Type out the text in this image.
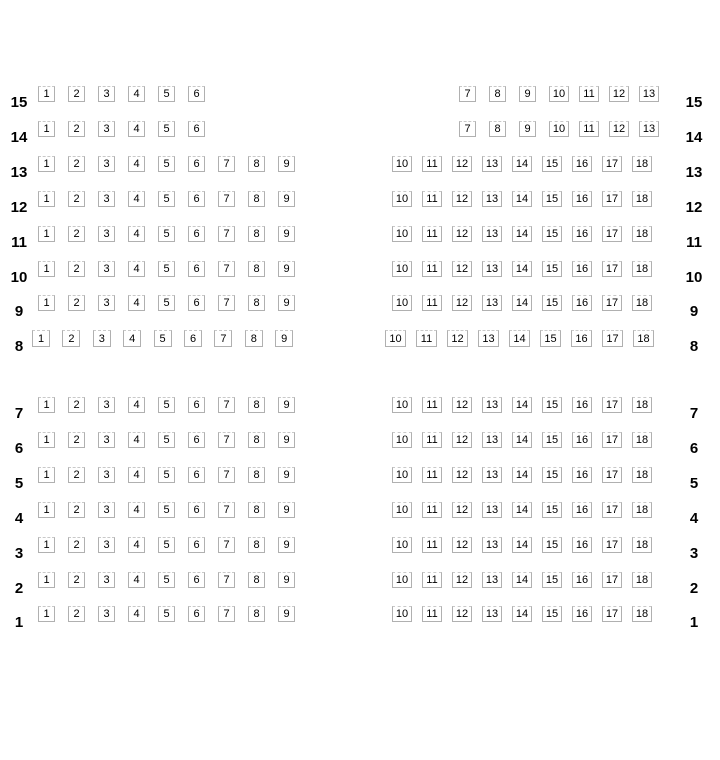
15	15
1	2	3	4	5	6	7	8	9	10	11	12	13
14	14
1	2	3	4	5	6	7	8	9	10	11	12	13
13	13
1	2	3	4	5	6	7	8	9	10	11	12	13	14	15	16	17	18
12	12
1	2	3	4	5	6	7	8	9	10	11	12	13	14	15	16	17	18
11	11
1	2	3	4	5	6	7	8	9	10	11	12	13	14	15	16	17	18
10	10
1	2	3	4	5	6	7	8	9	10	11	12	13	14	15	16	17	18
9	9
1	2	3	4	5	6	7	8	9	10	11	12	13	14	15	16	17	18
8	8
1	2	3	4	5	6	7	8	9	10	11	12	13	14	15	16	17	18
7	7
1	2	3	4	5	6	7	8	9	10	11	12	13	14	15	16	17	18
6	6
1	2	3	4	5	6	7	8	9	10	11	12	13	14	15	16	17	18
5	5
1	2	3	4	5	6	7	8	9	10	11	12	13	14	15	16	17	18
4	4
1	2	3	4	5	6	7	8	9	10	11	12	13	14	15	16	17	18
3	3
1	2	3	4	5	6	7	8	9	10	11	12	13	14	15	16	17	18
2	2
1	2	3	4	5	6	7	8	9	10	11	12	13	14	15	16	17	18
1	1
1	2	3	4	5	6	7	8	9	10	11	12	13	14	15	16	17	18
